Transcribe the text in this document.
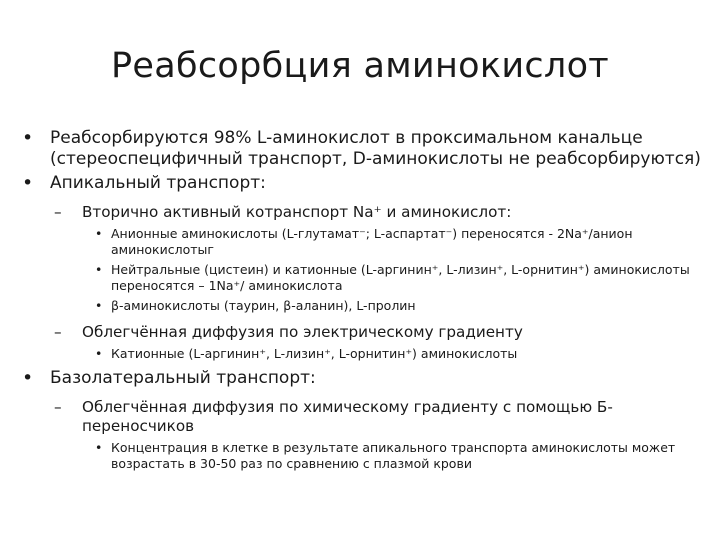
Реабсорбция аминокислот
• Реабсорбируются 98% L-аминокислот в проксимальном канальце (стереоспецифичный транспорт, D-аминокислоты не реабсорбируются)
• Апикальный транспорт:
– Вторично активный котранспорт Na⁺ и аминокислот:
• Анионные аминокислоты (L-глутамат⁻; L-аспартат⁻) переносятся - 2Na⁺/анион аминокислотыг
• Нейтральные (цистеин) и катионные (L-аргинин⁺, L-лизин⁺, L-орнитин⁺) аминокислоты переносятся – 1Na⁺/ аминокислота
• β-аминокислоты (таурин, β-аланин), L-пролин
– Облегчённая диффузия по электрическому градиенту
• Катионные (L-аргинин⁺, L-лизин⁺, L-орнитин⁺) аминокислоты
• Базолатеральный транспорт:
– Облегчённая диффузия по химическому градиенту с помощью Б-переносчиков
• Концентрация в клетке в результате апикального транспорта аминокислоты может возрастать в 30-50 раз по сравнению с плазмой крови
